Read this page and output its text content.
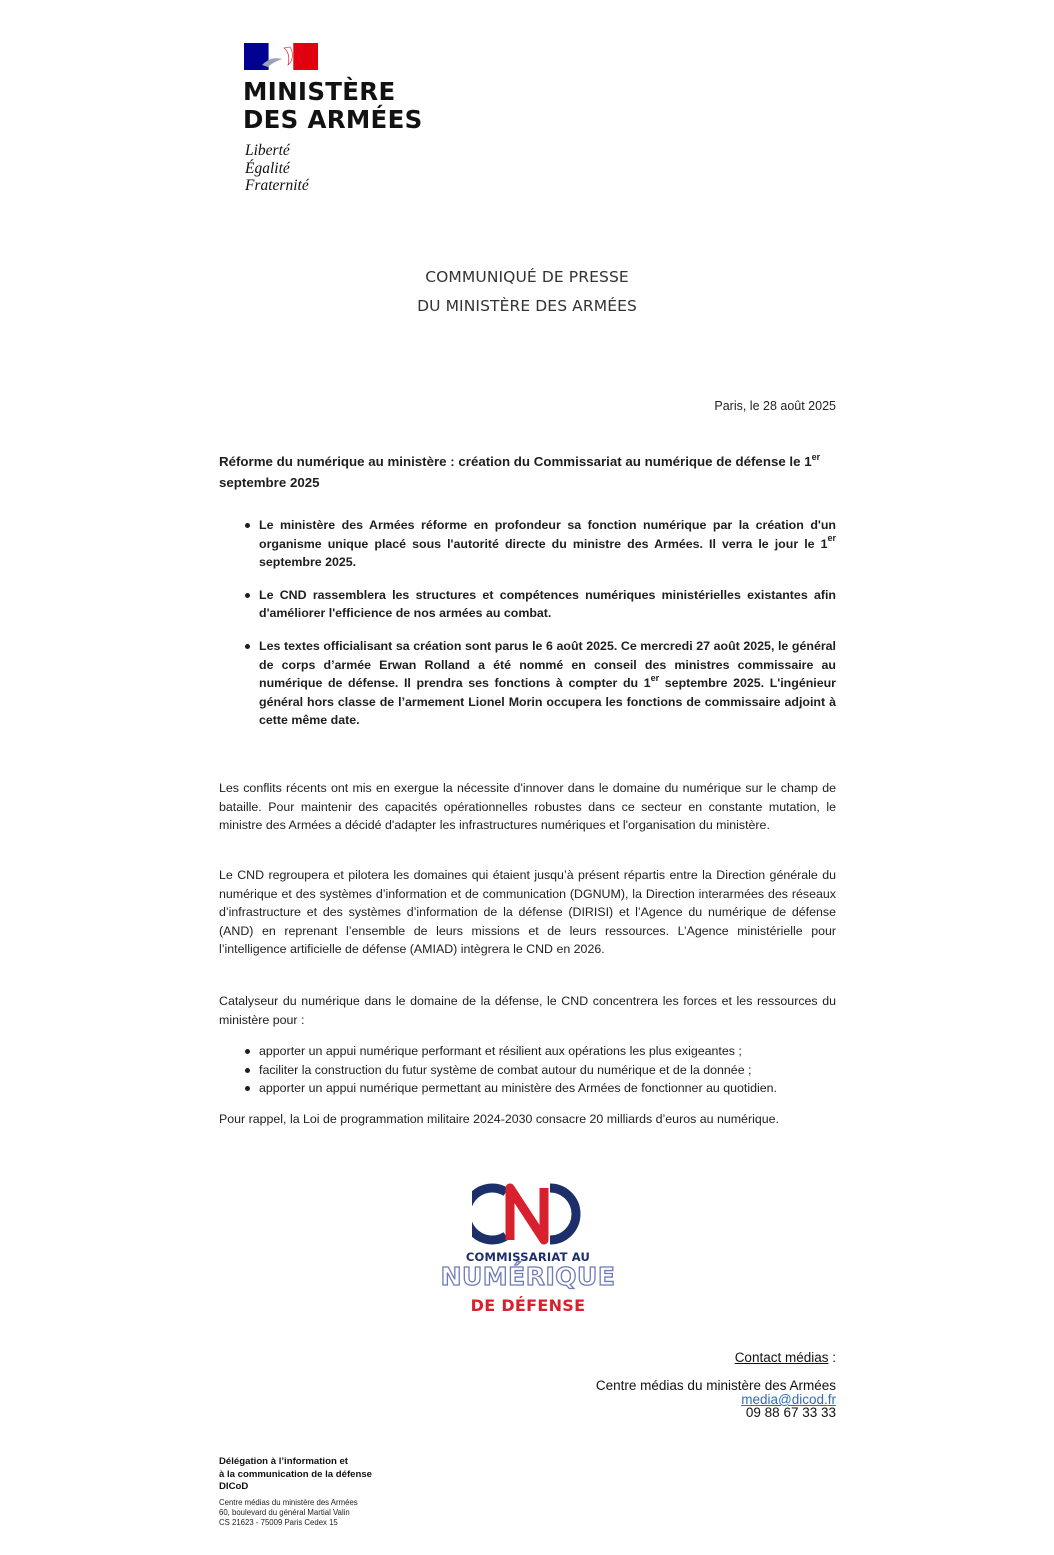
MINISTÈRE
DES ARMÉES
Liberté
Égalité
Fraternité
COMMUNIQUÉ DE PRESSE
DU MINISTÈRE DES ARMÉES
Paris, le 28 août 2025

Réforme du numérique au ministère : création du Commissariat au numérique de défense le 1er septembre 2025

Le ministère des Armées réforme en profondeur sa fonction numérique par la création d'un organisme unique placé sous l'autorité directe du ministre des Armées. Il verra le jour le 1er septembre 2025.
Le CND rassemblera les structures et compétences numériques ministérielles existantes afin d'améliorer l'efficience de nos armées au combat.
Les textes officialisant sa création sont parus le 6 août 2025. Ce mercredi 27 août 2025, le général de corps d’armée Erwan Rolland a été nommé en conseil des ministres commissaire au numérique de défense. Il prendra ses fonctions à compter du 1er septembre 2025. L'ingénieur général hors classe de l’armement Lionel Morin occupera les fonctions de commissaire adjoint à cette même date.

Les conflits récents ont mis en exergue la nécessite d'innover dans le domaine du numérique sur le champ de bataille. Pour maintenir des capacités opérationnelles robustes dans ce secteur en constante mutation, le ministre des Armées a décidé d'adapter les infrastructures numériques et l'organisation du ministère.

Le CND regroupera et pilotera les domaines qui étaient jusqu’à présent répartis entre la Direction générale du numérique et des systèmes d’information et de communication (DGNUM), la Direction interarmées des réseaux d’infrastructure et des systèmes d’information de la défense (DIRISI) et l’Agence du numérique de défense (AND) en reprenant l’ensemble de leurs missions et de leurs ressources. L’Agence ministérielle pour l’intelligence artificielle de défense (AMIAD) intègrera le CND en 2026.

Catalyseur du numérique dans le domaine de la défense, le CND concentrera les forces et les ressources du ministère pour :

apporter un appui numérique performant et résilient aux opérations les plus exigeantes ;
faciliter la construction du futur système de combat autour du numérique et de la donnée ;
apporter un appui numérique permettant au ministère des Armées de fonctionner au quotidien.

Pour rappel, la Loi de programmation militaire 2024-2030 consacre 20 milliards d’euros au numérique.

COMMISSARIAT AU
NUMÉRIQUE
DE DÉFENSE
Contact médias :
Centre médias du ministère des Armées
media@dicod.fr
09 88 67 33 33
Délégation à l’information et
à la communication de la défense
DICoD
Centre médias du ministère des Armées
60, boulevard du général Martial Valin
CS 21623 - 75009 Paris Cedex 15
